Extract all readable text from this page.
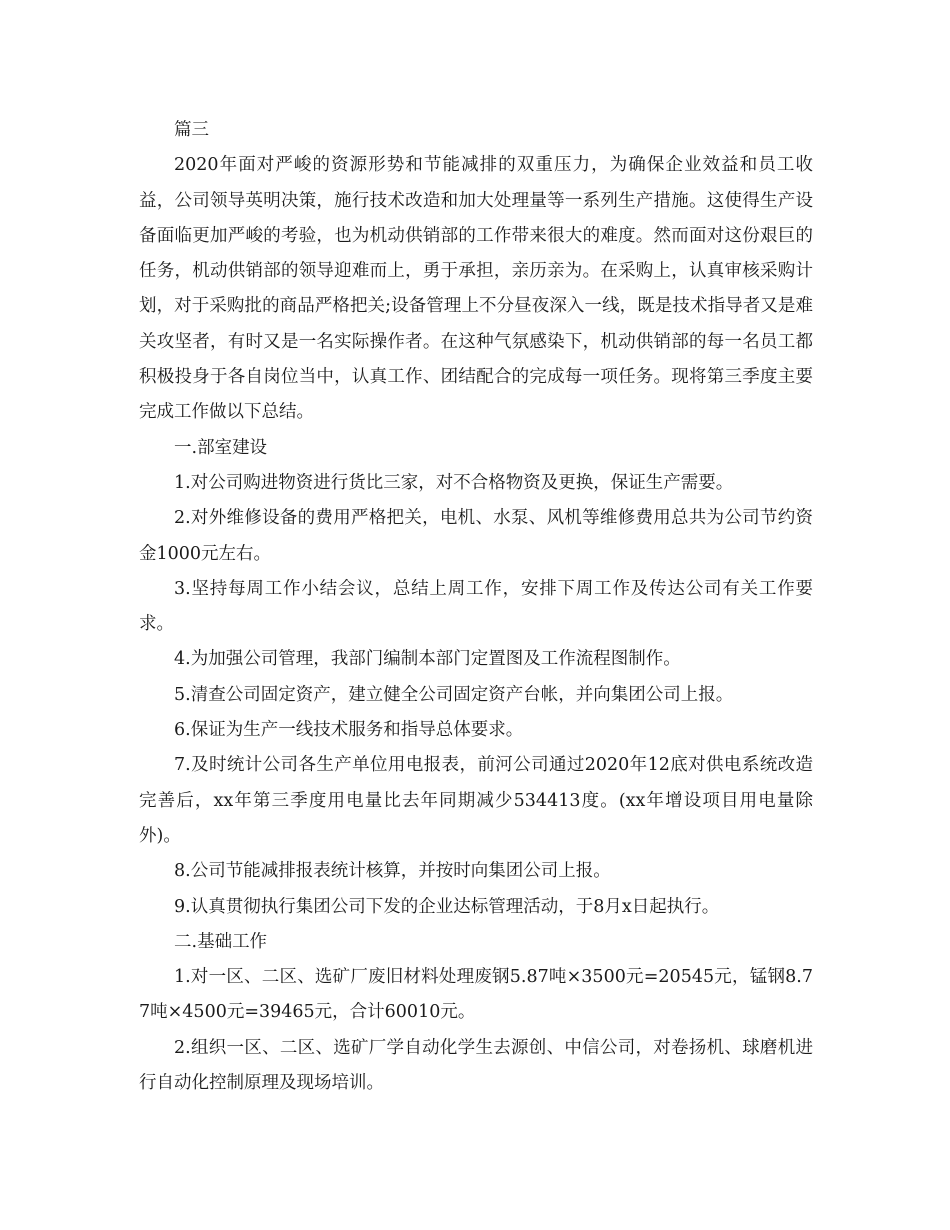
篇三

2020年面对严峻的资源形势和节能减排的双重压力，为确保企业效益和员工收益，公司领导英明决策，施行技术改造和加大处理量等一系列生产措施。这使得生产设备面临更加严峻的考验，也为机动供销部的工作带来很大的难度。然而面对这份艰巨的任务，机动供销部的领导迎难而上，勇于承担，亲历亲为。在采购上，认真审核采购计划，对于采购批的商品严格把关;设备管理上不分昼夜深入一线，既是技术指导者又是难关攻坚者，有时又是一名实际操作者。在这种气氛感染下，机动供销部的每一名员工都积极投身于各自岗位当中，认真工作、团结配合的完成每一项任务。现将第三季度主要完成工作做以下总结。

一.部室建设

1.对公司购进物资进行货比三家，对不合格物资及更换，保证生产需要。

2.对外维修设备的费用严格把关，电机、水泵、风机等维修费用总共为公司节约资金1000元左右。

3.坚持每周工作小结会议，总结上周工作，安排下周工作及传达公司有关工作要求。

4.为加强公司管理，我部门编制本部门定置图及工作流程图制作。

5.清查公司固定资产，建立健全公司固定资产台帐，并向集团公司上报。

6.保证为生产一线技术服务和指导总体要求。

7.及时统计公司各生产单位用电报表，前河公司通过2020年12底对供电系统改造完善后，xx年第三季度用电量比去年同期减少534413度。(xx年增设项目用电量除外)。

8.公司节能减排报表统计核算，并按时向集团公司上报。

9.认真贯彻执行集团公司下发的企业达标管理活动，于8月x日起执行。

二.基础工作

1.对一区、二区、选矿厂废旧材料处理废钢5.87吨×3500元=20545元，锰钢8.77吨×4500元=39465元，合计60010元。

2.组织一区、二区、选矿厂学自动化学生去源创、中信公司，对卷扬机、球磨机进行自动化控制原理及现场培训。
